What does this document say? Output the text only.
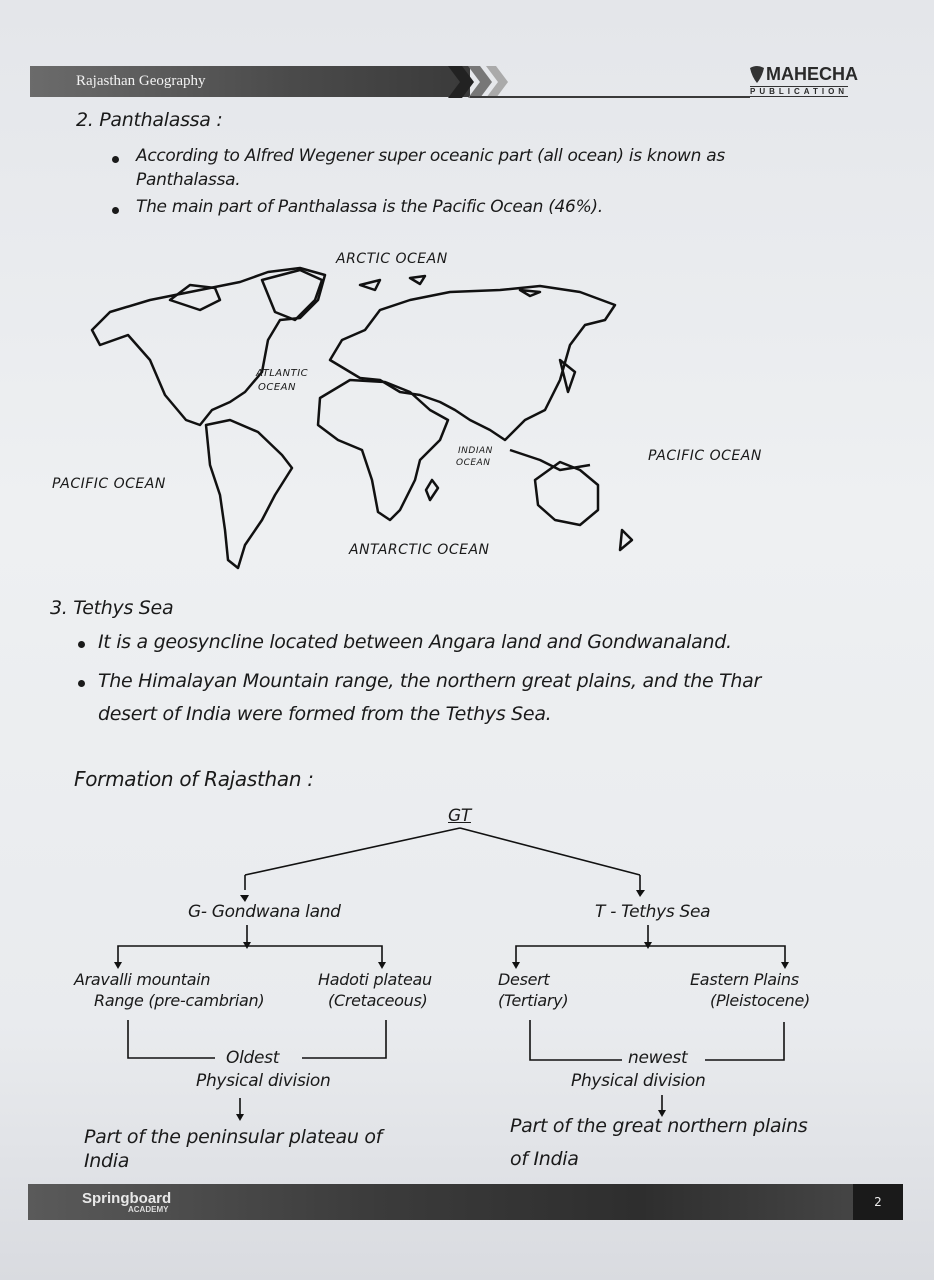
Rajasthan Geography	MAHECHA
PUBLICATION
2. Panthalassa :
According to Alfred Wegener super oceanic part (all ocean) is known as
Panthalassa.
The main part of Panthalassa is the Pacific Ocean (46%).
ARCTIC OCEAN
ATLANTIC
OCEAN
INDIAN
OCEAN	PACIFIC OCEAN
PACIFIC OCEAN
ANTARCTIC OCEAN
3. Tethys Sea
It is a geosyncline located between Angara land and Gondwanaland.
The Himalayan Mountain range, the northern great plains, and the Thar
desert of India were formed from the Tethys Sea.
Formation of Rajasthan :
GT
G- Gondwana land	T - Tethys Sea
Aravalli mountain
Range (pre-cambrian)
Hadoti plateau
(Cretaceous)
Desert
(Tertiary)
Eastern Plains
(Pleistocene)
Oldest
Physical division
newest
Physical division
Part of the peninsular plateau of
India
Part of the great northern plains
of India
Springboard
ACADEMY
2
